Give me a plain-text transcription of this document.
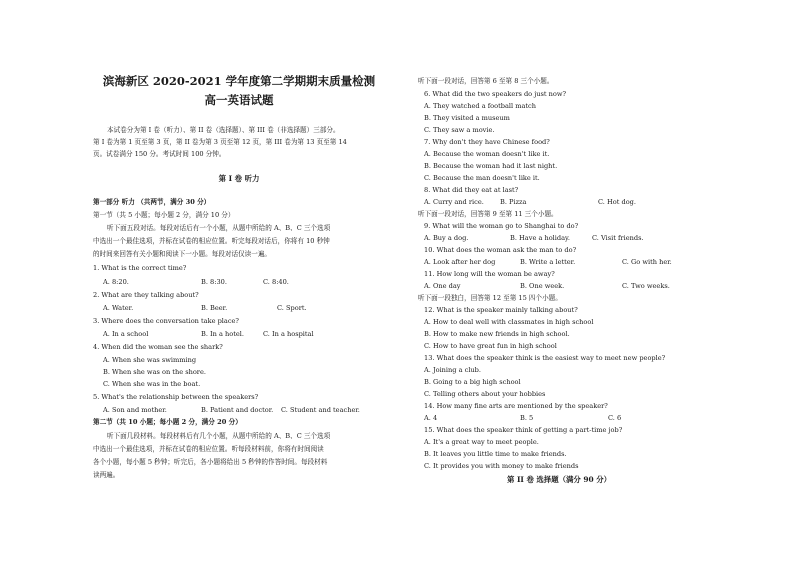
滨海新区 2020-2021 学年度第二学期期末质量检测
高一英语试题
本试卷分为第 I 卷（听力）、第 II 卷（选择题）、第 III 卷（非选择题）三部分。
第 I 卷为第 1 页至第 3 页，第 II 卷为第 3 页至第 12 页，第 III 卷为第 13 页至第 14
页。试卷满分 150 分。考试时间 100 分钟。
第 I 卷 听力
第一部分 听力 （共两节，满分 30 分）
第一节（共 5 小题；每小题 2 分，满分 10 分）
听下面五段对话。每段对话后有一个小题，从题中所给的 A、B、C 三个选项
中选出一个最佳选项，并标在试卷的相应位置。听完每段对话后，你将有 10 秒钟
的时间来回答有关小题和阅读下一小题。每段对话仅读一遍。
1. What is the correct time?
A. 8:20.	B. 8:30.	C. 8:40.
2. What are they talking about?
A. Water.	B. Beer.	C. Sport.
3. Where does the conversation take place?
A. In a school	B. In a hotel.	C. In a hospital
4. When did the woman see the shark?
A. When she was swimming
B. When she was on the shore.
C. When she was in the boat.
5. What's the relationship between the speakers?
A. Son and mother.	B. Patient and doctor. C. Student and teacher.
第二节（共 10 小题；每小题 2 分，满分 20 分）
听下面几段材料。每段材料后有几个小题，从题中所给的 A、B、C 三个选项
中选出一个最佳选项，并标在试卷的相应位置。听每段材料前，你将有时间阅读
各个小题，每小题 5 秒钟；听完后，各小题将给出 5 秒钟的作答时间。每段材料
读两遍。
听下面一段对话，回答第 6 至第 8 三个小题。
6. What did the two speakers do just now?
A. They watched a football match
B. They visited a museum
C. They saw a movie.
7. Why don't they have Chinese food?
A. Because the woman doesn't like it.
B. Because the woman had it last night.
C. Because the man doesn't like it.
8. What did they eat at last?
A. Curry and rice. B. Pizza	C. Hot dog.
听下面一段对话，回答第 9 至第 11 三个小题。
9. What will the woman go to Shanghai to do?
A. Buy a dog.	B. Have a holiday.	C. Visit friends.
10. What does the woman ask the man to do?
A. Look after her dog	B. Write a letter.	C. Go with her.
11. How long will the woman be away?
A. One day	B. One week.	C. Two weeks.
听下面一段独白，回答第 12 至第 15 四个小题。
12. What is the speaker mainly talking about?
A. How to deal well with classmates in high school
B. How to make new friends in high school.
C. How to have great fun in high school
13. What does the speaker think is the easiest way to meet new people?
A. Joining a club.
B. Going to a big high school
C. Telling others about your hobbies
14. How many fine arts are mentioned by the speaker?
A. 4	B. 5	C. 6
15. What does the speaker think of getting a part-time job?
A. It's a great way to meet people.
B. It leaves you little time to make friends.
C. It provides you with money to make friends
第 II 卷 选择题（满分 90 分）
